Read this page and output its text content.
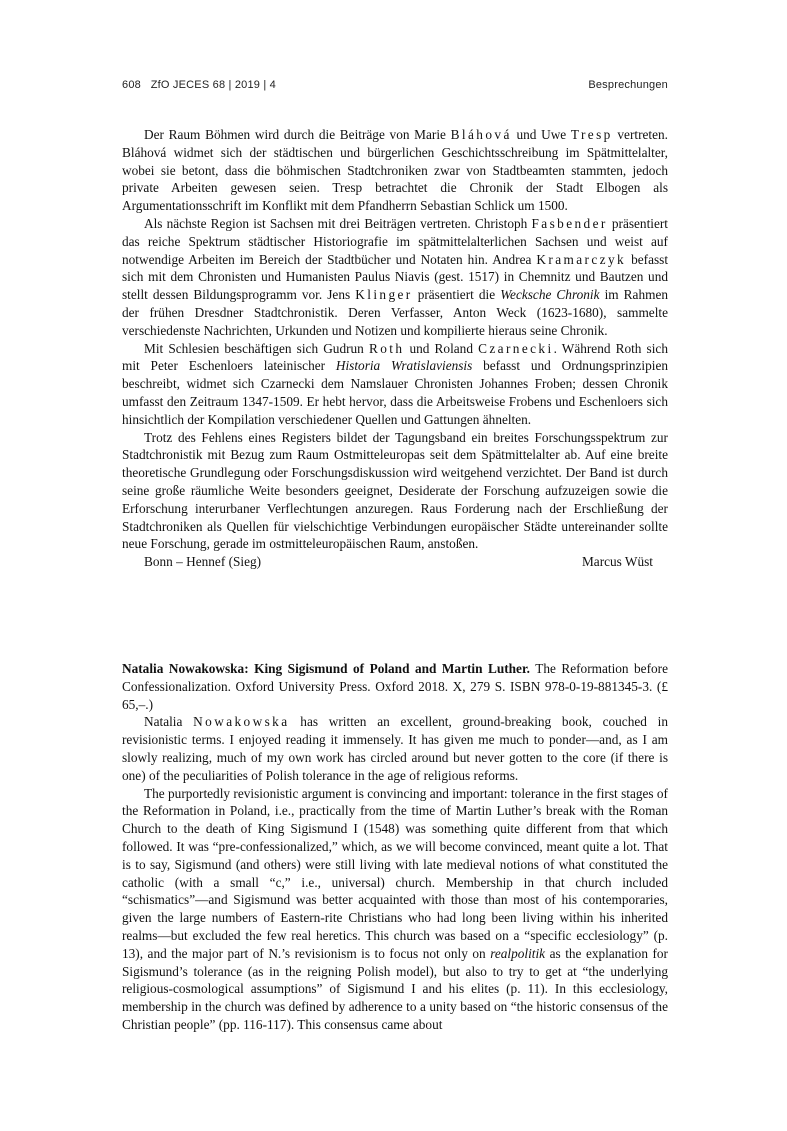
608 ZfO JECES 68 | 2019 | 4	Besprechungen

Der Raum Böhmen wird durch die Beiträge von Marie Bláhová und Uwe Tresp vertreten. Bláhová widmet sich der städtischen und bürgerlichen Geschichtsschreibung im Spätmittelalter, wobei sie betont, dass die böhmischen Stadtchroniken zwar von Stadtbeamten stammten, jedoch private Arbeiten gewesen seien. Tresp betrachtet die Chronik der Stadt Elbogen als Argumentationsschrift im Konflikt mit dem Pfandherrn Sebastian Schlick um 1500.

Als nächste Region ist Sachsen mit drei Beiträgen vertreten. Christoph Fasbender präsentiert das reiche Spektrum städtischer Historiografie im spätmittelalterlichen Sachsen und weist auf notwendige Arbeiten im Bereich der Stadtbücher und Notaten hin. Andrea Kramarczyk befasst sich mit dem Chronisten und Humanisten Paulus Niavis (gest. 1517) in Chemnitz und Bautzen und stellt dessen Bildungsprogramm vor. Jens Klinger präsentiert die Wecksche Chronik im Rahmen der frühen Dresdner Stadtchronistik. Deren Verfasser, Anton Weck (1623-1680), sammelte verschiedenste Nachrichten, Urkunden und Notizen und kompilierte hieraus seine Chronik.

Mit Schlesien beschäftigen sich Gudrun Roth und Roland Czarnecki. Während Roth sich mit Peter Eschenloers lateinischer Historia Wratislaviensis befasst und Ordnungsprinzipien beschreibt, widmet sich Czarnecki dem Namslauer Chronisten Johannes Froben; dessen Chronik umfasst den Zeitraum 1347-1509. Er hebt hervor, dass die Arbeitsweise Frobens und Eschenloers sich hinsichtlich der Kompilation verschiedener Quellen und Gattungen ähnelten.

Trotz des Fehlens eines Registers bildet der Tagungsband ein breites Forschungsspektrum zur Stadtchronistik mit Bezug zum Raum Ostmitteleuropas seit dem Spätmittelalter ab. Auf eine breite theoretische Grundlegung oder Forschungsdiskussion wird weitgehend verzichtet. Der Band ist durch seine große räumliche Weite besonders geeignet, Desiderate der Forschung aufzuzeigen sowie die Erforschung interurbaner Verflechtungen anzuregen. Raus Forderung nach der Erschließung der Stadtchroniken als Quellen für vielschichtige Verbindungen europäischer Städte untereinander sollte neue Forschung, gerade im ostmitteleuropäischen Raum, anstoßen.

Bonn – Hennef (Sieg)	Marcus Wüst

Natalia Nowakowska: King Sigismund of Poland and Martin Luther. The Reformation before Confessionalization. Oxford University Press. Oxford 2018. X, 279 S. ISBN 978-0-19-881345-3. (£ 65,–.)

Natalia Nowakowska has written an excellent, ground-breaking book, couched in revisionistic terms. I enjoyed reading it immensely. It has given me much to ponder—and, as I am slowly realizing, much of my own work has circled around but never gotten to the core (if there is one) of the peculiarities of Polish tolerance in the age of religious reforms.

The purportedly revisionistic argument is convincing and important: tolerance in the first stages of the Reformation in Poland, i.e., practically from the time of Martin Luther’s break with the Roman Church to the death of King Sigismund I (1548) was something quite different from that which followed. It was “pre-confessionalized,” which, as we will become convinced, meant quite a lot. That is to say, Sigismund (and others) were still living with late medieval notions of what constituted the catholic (with a small “c,” i.e., universal) church. Membership in that church included “schismatics”—and Sigismund was better acquainted with those than most of his contemporaries, given the large numbers of Eastern-rite Christians who had long been living within his inherited realms—but excluded the few real heretics. This church was based on a “specific ecclesiology” (p. 13), and the major part of N.’s revisionism is to focus not only on realpolitik as the explanation for Sigismund’s tolerance (as in the reigning Polish model), but also to try to get at “the underlying religious-cosmological assumptions” of Sigismund I and his elites (p. 11). In this ecclesiology, membership in the church was defined by adherence to a unity based on “the historic consensus of the Christian people” (pp. 116-117). This consensus came about
